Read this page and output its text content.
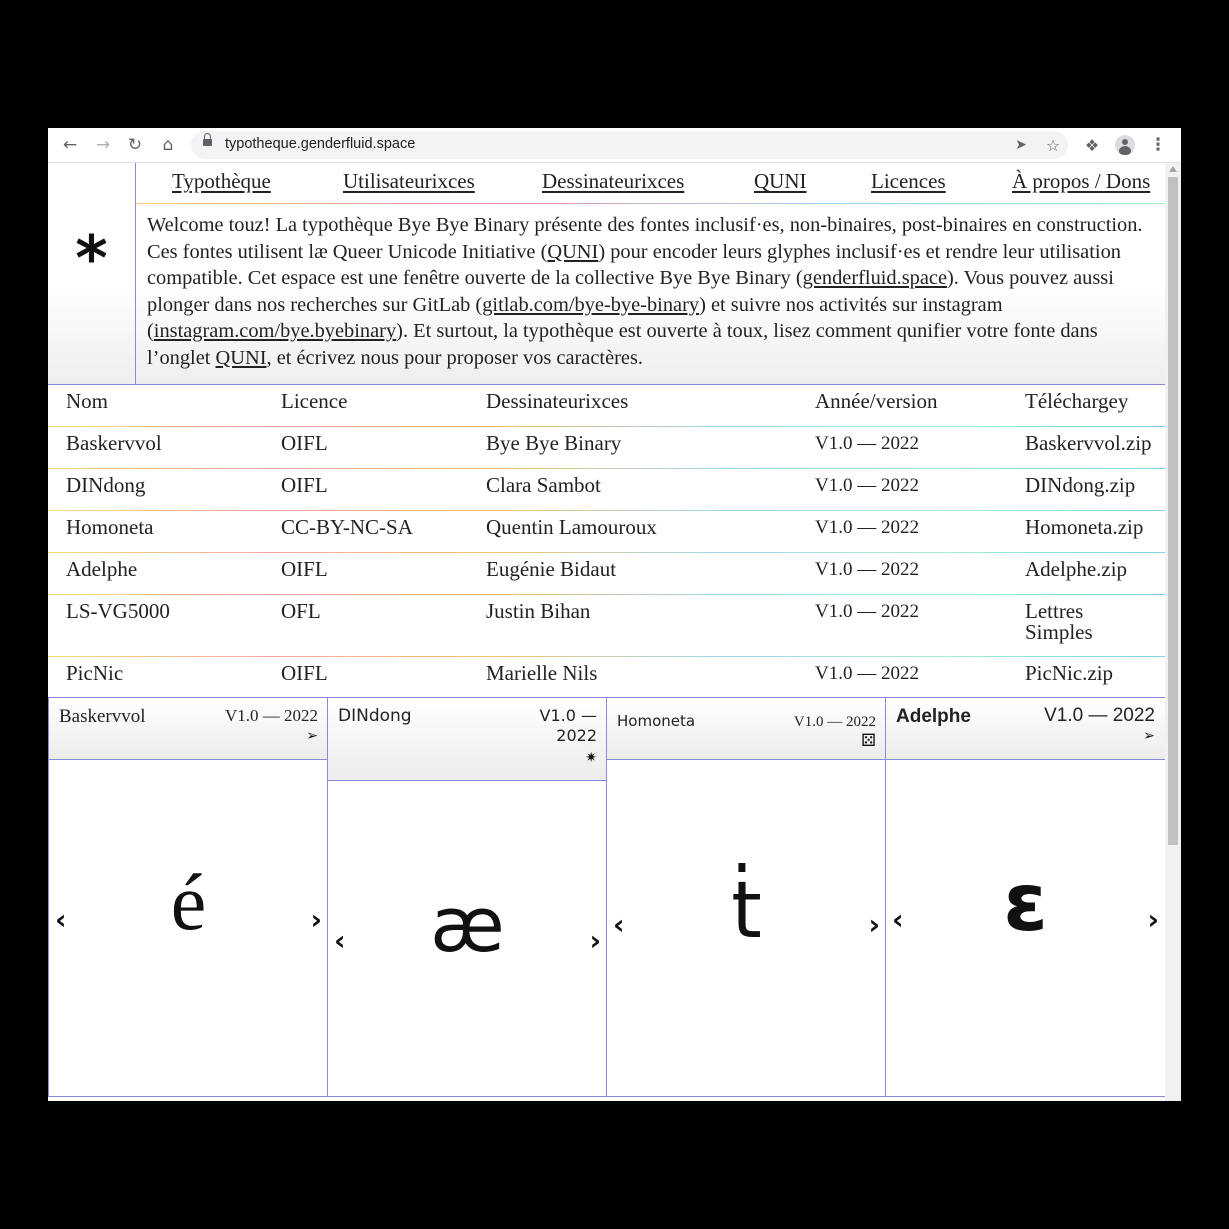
← → ↻	⌂	typotheque.genderfluid.space	➤	☆	❖	⋮
*
Typothèque	Utilisateurixces	Dessinateurixces	QUNI	Licences	À propos / Dons
Welcome touz! La typothèque Bye Bye Binary présente des fontes inclusif·es, non-binaires, post-binaires en construction. Ces fontes utilisent læ Queer Unicode Initiative (QUNI) pour encoder leurs glyphes inclusif·es et rendre leur utilisation compatible. Cet espace est une fenêtre ouverte de la collective Bye Bye Binary (genderfluid.space). Vous pouvez aussi plonger dans nos recherches sur GitLab (gitlab.com/bye-bye-binary) et suivre nos activités sur instagram (instagram.com/bye.byebinary). Et surtout, la typothèque est ouverte à toux, lisez comment qunifier votre fonte dans l’onglet QUNI, et écrivez nous pour proposer vos caractères.
Nom	Licence	Dessinateurixces	Année/version	Téléchargey
Baskervvol	OIFL	Bye Bye Binary	V1.0 — 2022	Baskervvol.zip
DINdong	OIFL	Clara Sambot	V1.0 — 2022	DINdong.zip
Homoneta	CC-BY-NC-SA	Quentin Lamouroux	V1.0 — 2022	Homoneta.zip
Adelphe	OIFL	Eugénie Bidaut	V1.0 — 2022	Adelphe.zip
LS-VG5000	OFL	Justin Bihan	V1.0 — 2022	Lettres Simples
PicNic	OIFL	Marielle Nils	V1.0 — 2022	PicNic.zip
Baskervvol	V1.0 — 2022
➢
‹	›
é
DINdong	V1.0 — 2022
✷
‹	›
æ
Homoneta	V1.0 — 2022
⚄
‹	›
ṫ
Adelphe	V1.0 — 2022
➢
‹	›
ɛ
